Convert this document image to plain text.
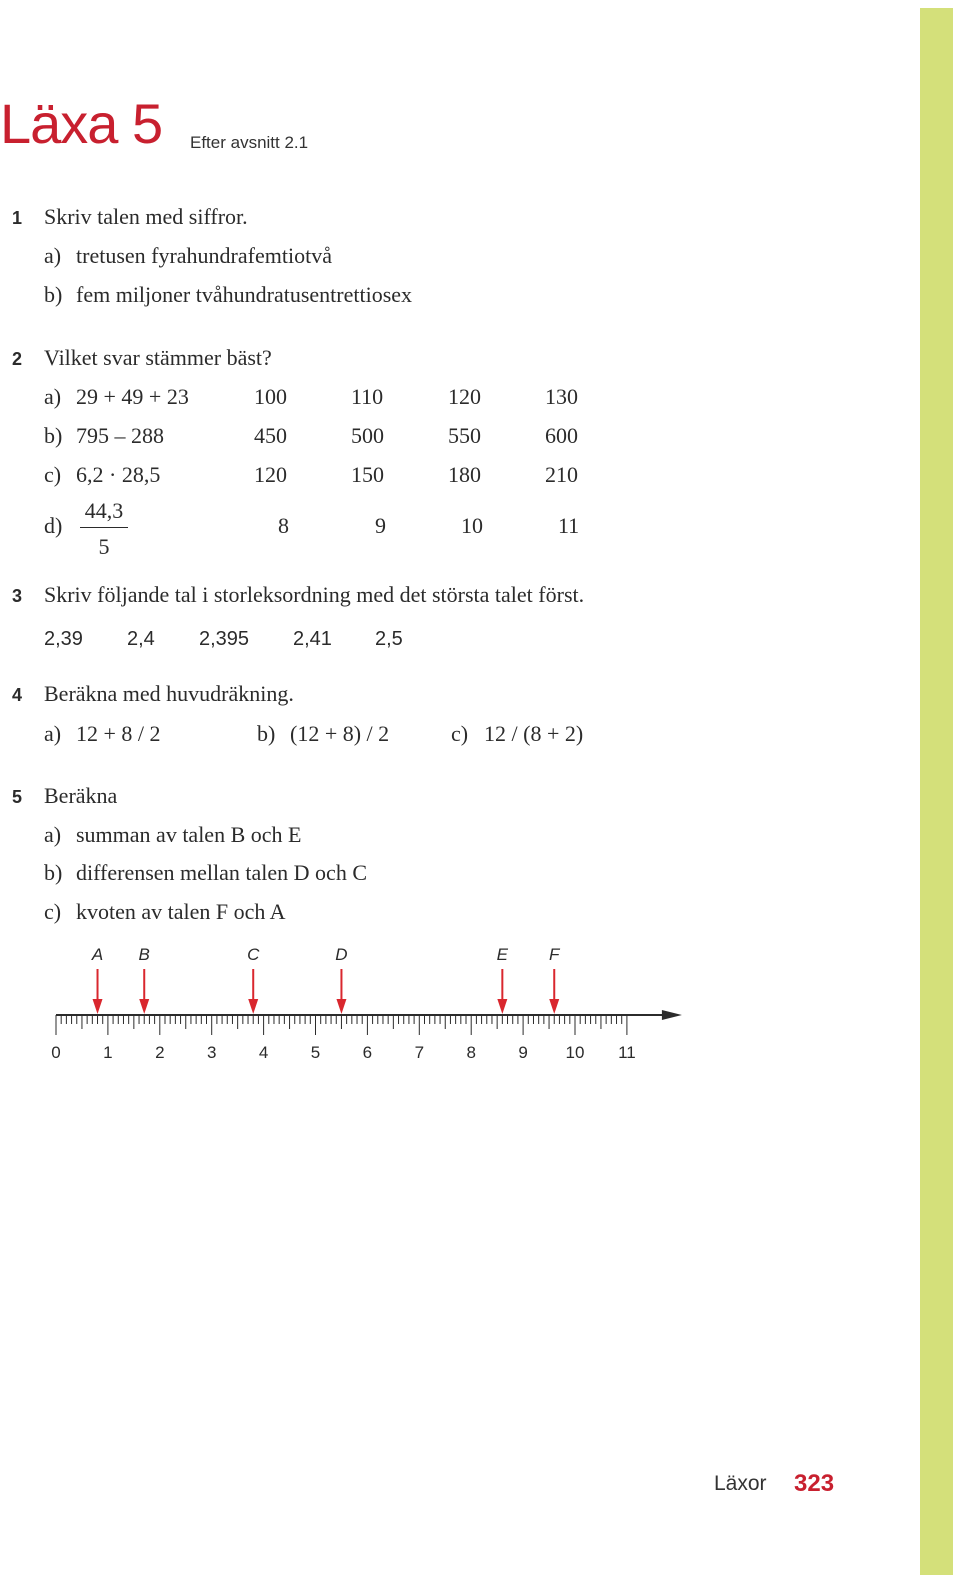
Läxa 5 Efter avsnitt 2.1
1 Skriv talen med siffror.
a) tretusen fyrahundrafemtiotvå
b) fem miljoner tvåhundratusentrettiosex
2 Vilket svar stämmer bäst?
a) 29 + 49 + 23	100	110	120	130
b) 795 – 288	450	500	550	600
c) 6,2 · 28,5	120	150	180	210
$d) \frac{44,3}{5}$	8	9	10	11
3 Skriv följande tal i storleksordning med det största talet först.
2,39 2,4 2,395 2,41 2,5
4 Beräkna med huvudräkning.
a) 12 + 8 / 2	b) (12 + 8) / 2	c) 12 / (8 + 2)
5 Beräkna
a) summan av talen B och E
b) differensen mellan talen D och C
c) kvoten av talen F och A
0 1 2 3 4 5 6 7 8 9 10 11
A B	C	D	E F
Läxor 323
